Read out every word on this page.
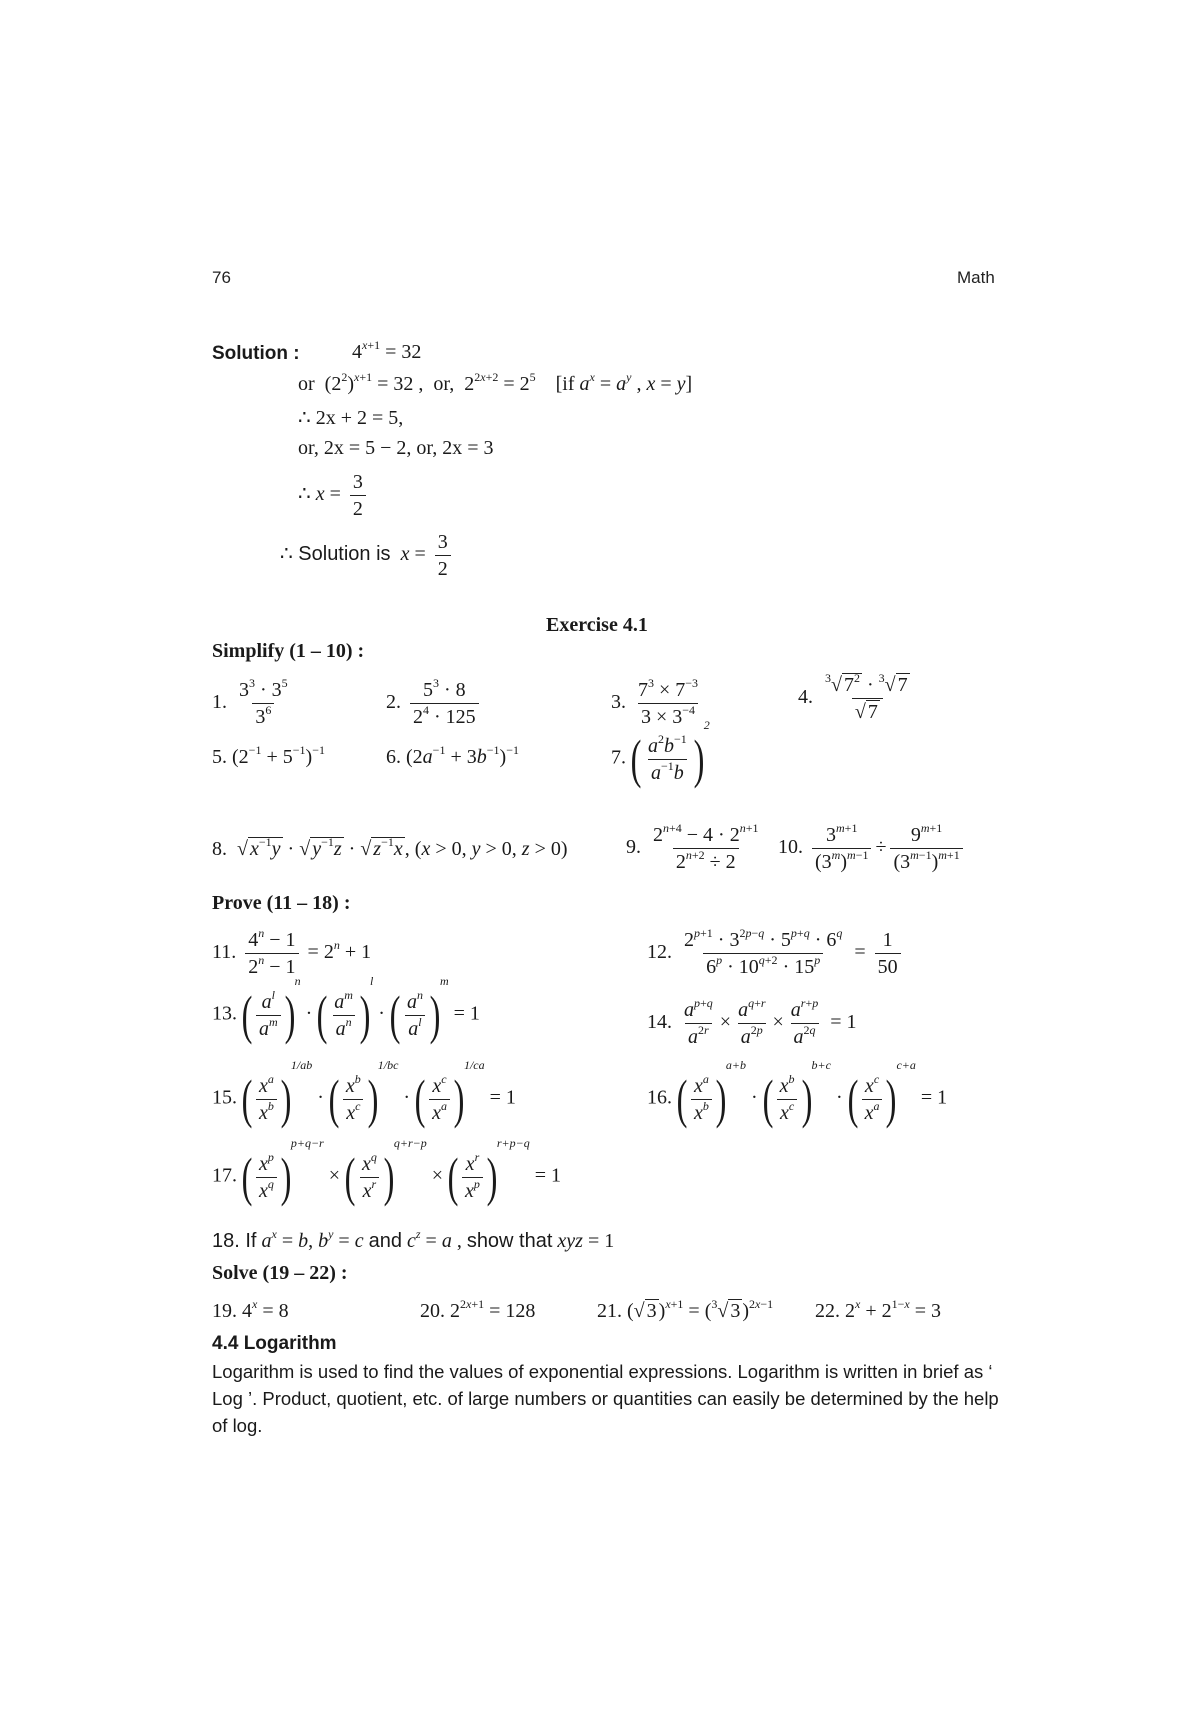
76	Math
Solution :	$4^{x+1} = 32$
or  $(2^2)^{x+1} = 32$ ,  or,  $2^{2x+2} = 2^5$    [if $a^x = a^y$ , x = y]
∴ 2x + 2 = 5,
or, 2x = 5 − 2, or, 2x = 3
∴ $x = \frac{3}{2}$
∴ Solution is $x = \frac{3}{2}$
Exercise 4.1
Simplify (1 – 10) :
1. $\frac{3^3 \cdot 3^5}{3^6}$	2. $\frac{5^3 \cdot 8}{2^4 \cdot 125}$	3. $\frac{7^3 \times 7^{-3}}{3 \times 3^{-4}}$	4. $\frac{^3√ 7^2 \cdot ^3√ 7}{√ 7}$
5. $(2^{-1} + 5^{-1})^{-1}$	6. $(2a^{-1} + 3b^{-1})^{-1}$	7. ( $\frac{a^2b^{-1}}{a^{-1}b} )2$
8.  √ $x^{-1}y$ · √ $y^{-1}z$ · √ $z^{-1}x$ , (x > 0, y > 0, z > 0)	9. $\frac{2^{n+4} - 4 \cdot 2^{n+1}}{2^{n+2} \div 2} 10$. $\frac{3^{m+1}}{(3^m)^{m-1}} \div \frac{9^{m+1}}{(3^{m-1})^{m+1}}$
Prove (11 – 18) :
11. $\frac{4^n - 1}{2^n - 1} = 2^n + 1$	12. $\frac{2^{p+1} \cdot 3^{2p-q} \cdot 5^{p+q} \cdot 6^q}{6^p \cdot 10^{q+2} \cdot 15^p} = \frac{1}{50}$
13. ( $\frac{a^l}{a^m} )n$ · ( $\frac{a^m}{a^n} )l$ · ( $\frac{a^n}{a^l} )m = 1$	14. $\frac{a^{p+q}}{a^{2r}} \times \frac{a^{q+r}}{a^{2p}} \times \frac{a^{r+p}}{a^{2q}} = 1$
15. ( $\frac{x^a}{x^b} )1/ab$ · ( $\frac{x^b}{x^c} )1/bc$ · ( $\frac{x^c}{x^a} )1/ca = 1$	16. ( $\frac{x^a}{x^b} )a+b$ · ( $\frac{x^b}{x^c} )b+c$ · ( $\frac{x^c}{x^a} )c+a = 1$
17. ( $\frac{x^p}{x^q} )p+q-r$ × ( $\frac{x^q}{x^r} )q+r-p$ × ( $\frac{x^r}{x^p} )r+p-q = 1$
18. If $a^x = b$, $b^y = c$ and $c^z = a$ , show that xyz = 1
Solve (19 – 22) :
19. $4^x = 8$	20. $2^{2x+1} = 128$	21. (√ 3 )$^{x+1}$ = ($^3$√ 3 )$^{2x-1}$ 22. $2^x + 2^{1-x} = 3$
4.4 Logarithm
Logarithm is used to find the values of exponential expressions. Logarithm is written in brief as ‘ Log ’. Product, quotient, etc. of large numbers or quantities can easily be determined by the help of log.
